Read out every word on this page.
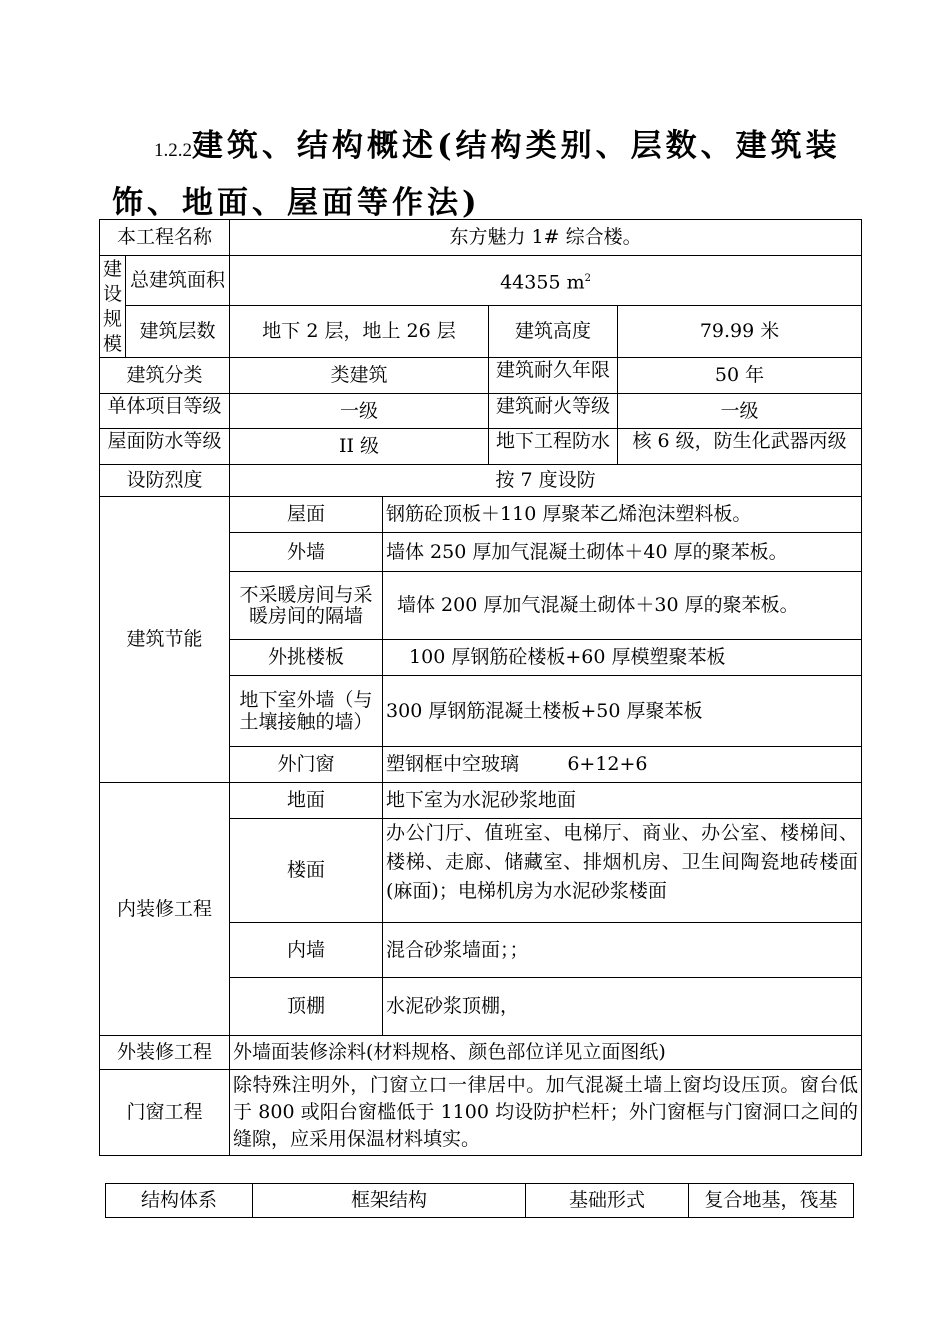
1.2.2建筑、结构概述(结构类别、层数、建筑装
饰、地面、屋面等作法)
本工程名称		东方魅力 1# 综合楼。			
建设规模	总建筑面积	44355 $m^2$
	建筑层数	地下 2 层，地上 26 层		建筑高度	79.99 米
建筑分类		类建筑		建筑耐久年限	50 年

单体项目等级		一级		建筑耐火等级	一级

屋面防水等级		II 级		地下工程防水	核 6 级，防生化武器丙级

设防烈度		按 7 度设防			
建筑节能		屋面	钢筋砼顶板＋110 厚聚苯乙烯泡沫塑料板。		
		外墙	墙体 250 厚加气混凝土砌体＋40 厚的聚苯板。		
		不采暖房间与采暖房间的隔墙	墙体 200 厚加气混凝土砌体＋30 厚的聚苯板。		
		外挑楼板	100 厚钢筋砼楼板+60 厚模塑聚苯板		
		地下室外墙（与土壤接触的墙）	300 厚钢筋混凝土楼板+50 厚聚苯板		
		外门窗	塑钢框中空玻璃        6+12+6		
内装修工程		地面	地下室为水泥砂浆地面		
		楼面	办公门厅、值班室、电梯厅、商业、办公室、楼梯间、楼梯、走廊、储藏室、排烟机房、卫生间陶瓷地砖楼面(麻面)；电梯机房为水泥砂浆楼面		

		内墙	混合砂浆墙面；；		
		顶棚	水泥砂浆顶棚，		
外装修工程		外墙面装修涂料(材料规格、颜色部位详见立面图纸)			
门窗工程		除特殊注明外，门窗立口一律居中。加气混凝土墙上窗均设压顶。窗台低于 800 或阳台窗槛低于 1100 均设防护栏杆；外门窗框与门窗洞口之间的缝隙，应采用保温材料填实。			
结构体系	框架结构	基础形式	复合地基，筏基
